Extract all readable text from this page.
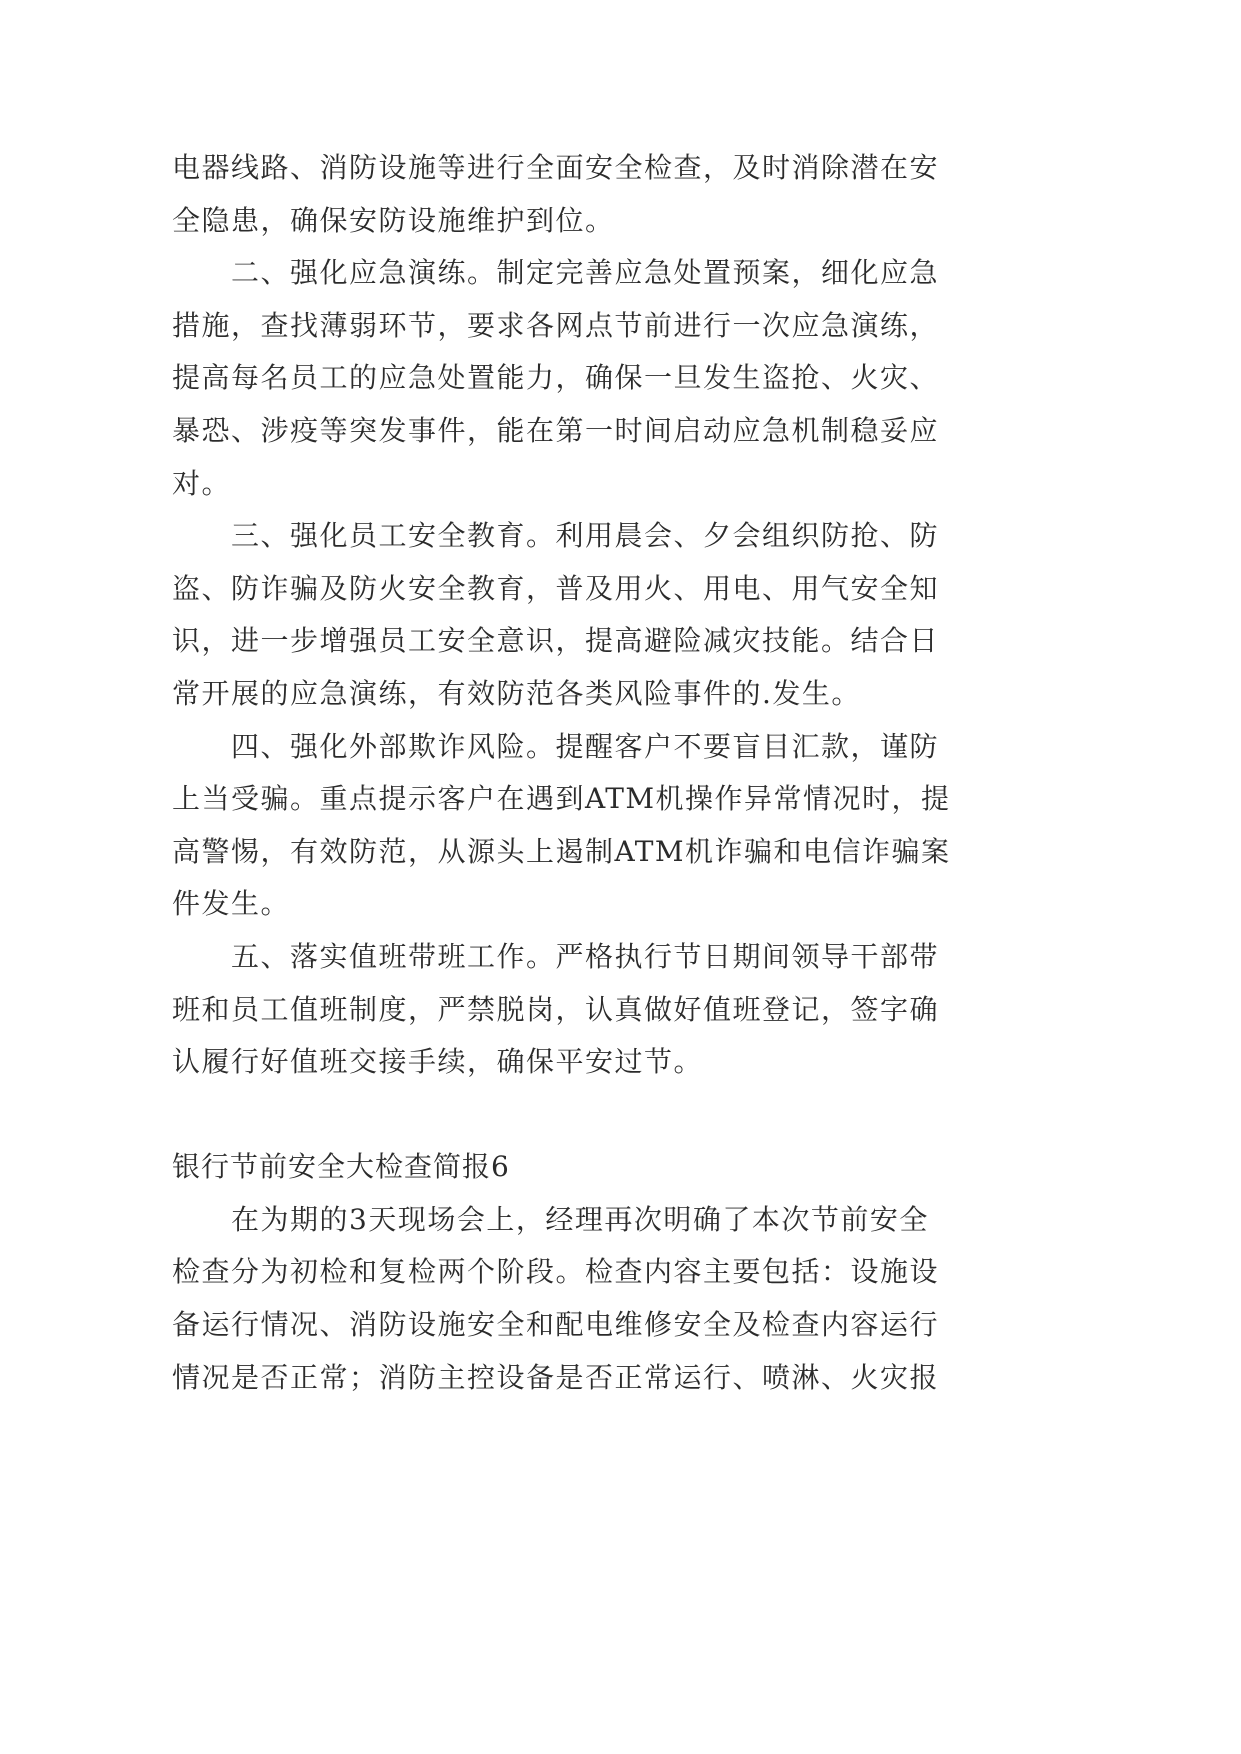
电器线路、消防设施等进行全面安全检查，及时消除潜在安
全隐患，确保安防设施维护到位。
二、强化应急演练。制定完善应急处置预案，细化应急
措施，查找薄弱环节，要求各网点节前进行一次应急演练，
提高每名员工的应急处置能力，确保一旦发生盗抢、火灾、
暴恐、涉疫等突发事件，能在第一时间启动应急机制稳妥应
对。
三、强化员工安全教育。利用晨会、夕会组织防抢、防
盗、防诈骗及防火安全教育，普及用火、用电、用气安全知
识，进一步增强员工安全意识，提高避险减灾技能。结合日
常开展的应急演练，有效防范各类风险事件的.发生。
四、强化外部欺诈风险。提醒客户不要盲目汇款，谨防
上当受骗。重点提示客户在遇到ATM机操作异常情况时，提
高警惕，有效防范，从源头上遏制ATM机诈骗和电信诈骗案
件发生。
五、落实值班带班工作。严格执行节日期间领导干部带
班和员工值班制度，严禁脱岗，认真做好值班登记，签字确
认履行好值班交接手续，确保平安过节。
银行节前安全大检查简报6
在为期的3天现场会上，经理再次明确了本次节前安全
检查分为初检和复检两个阶段。检查内容主要包括：设施设
备运行情况、消防设施安全和配电维修安全及检查内容运行
情况是否正常；消防主控设备是否正常运行、喷淋、火灾报
